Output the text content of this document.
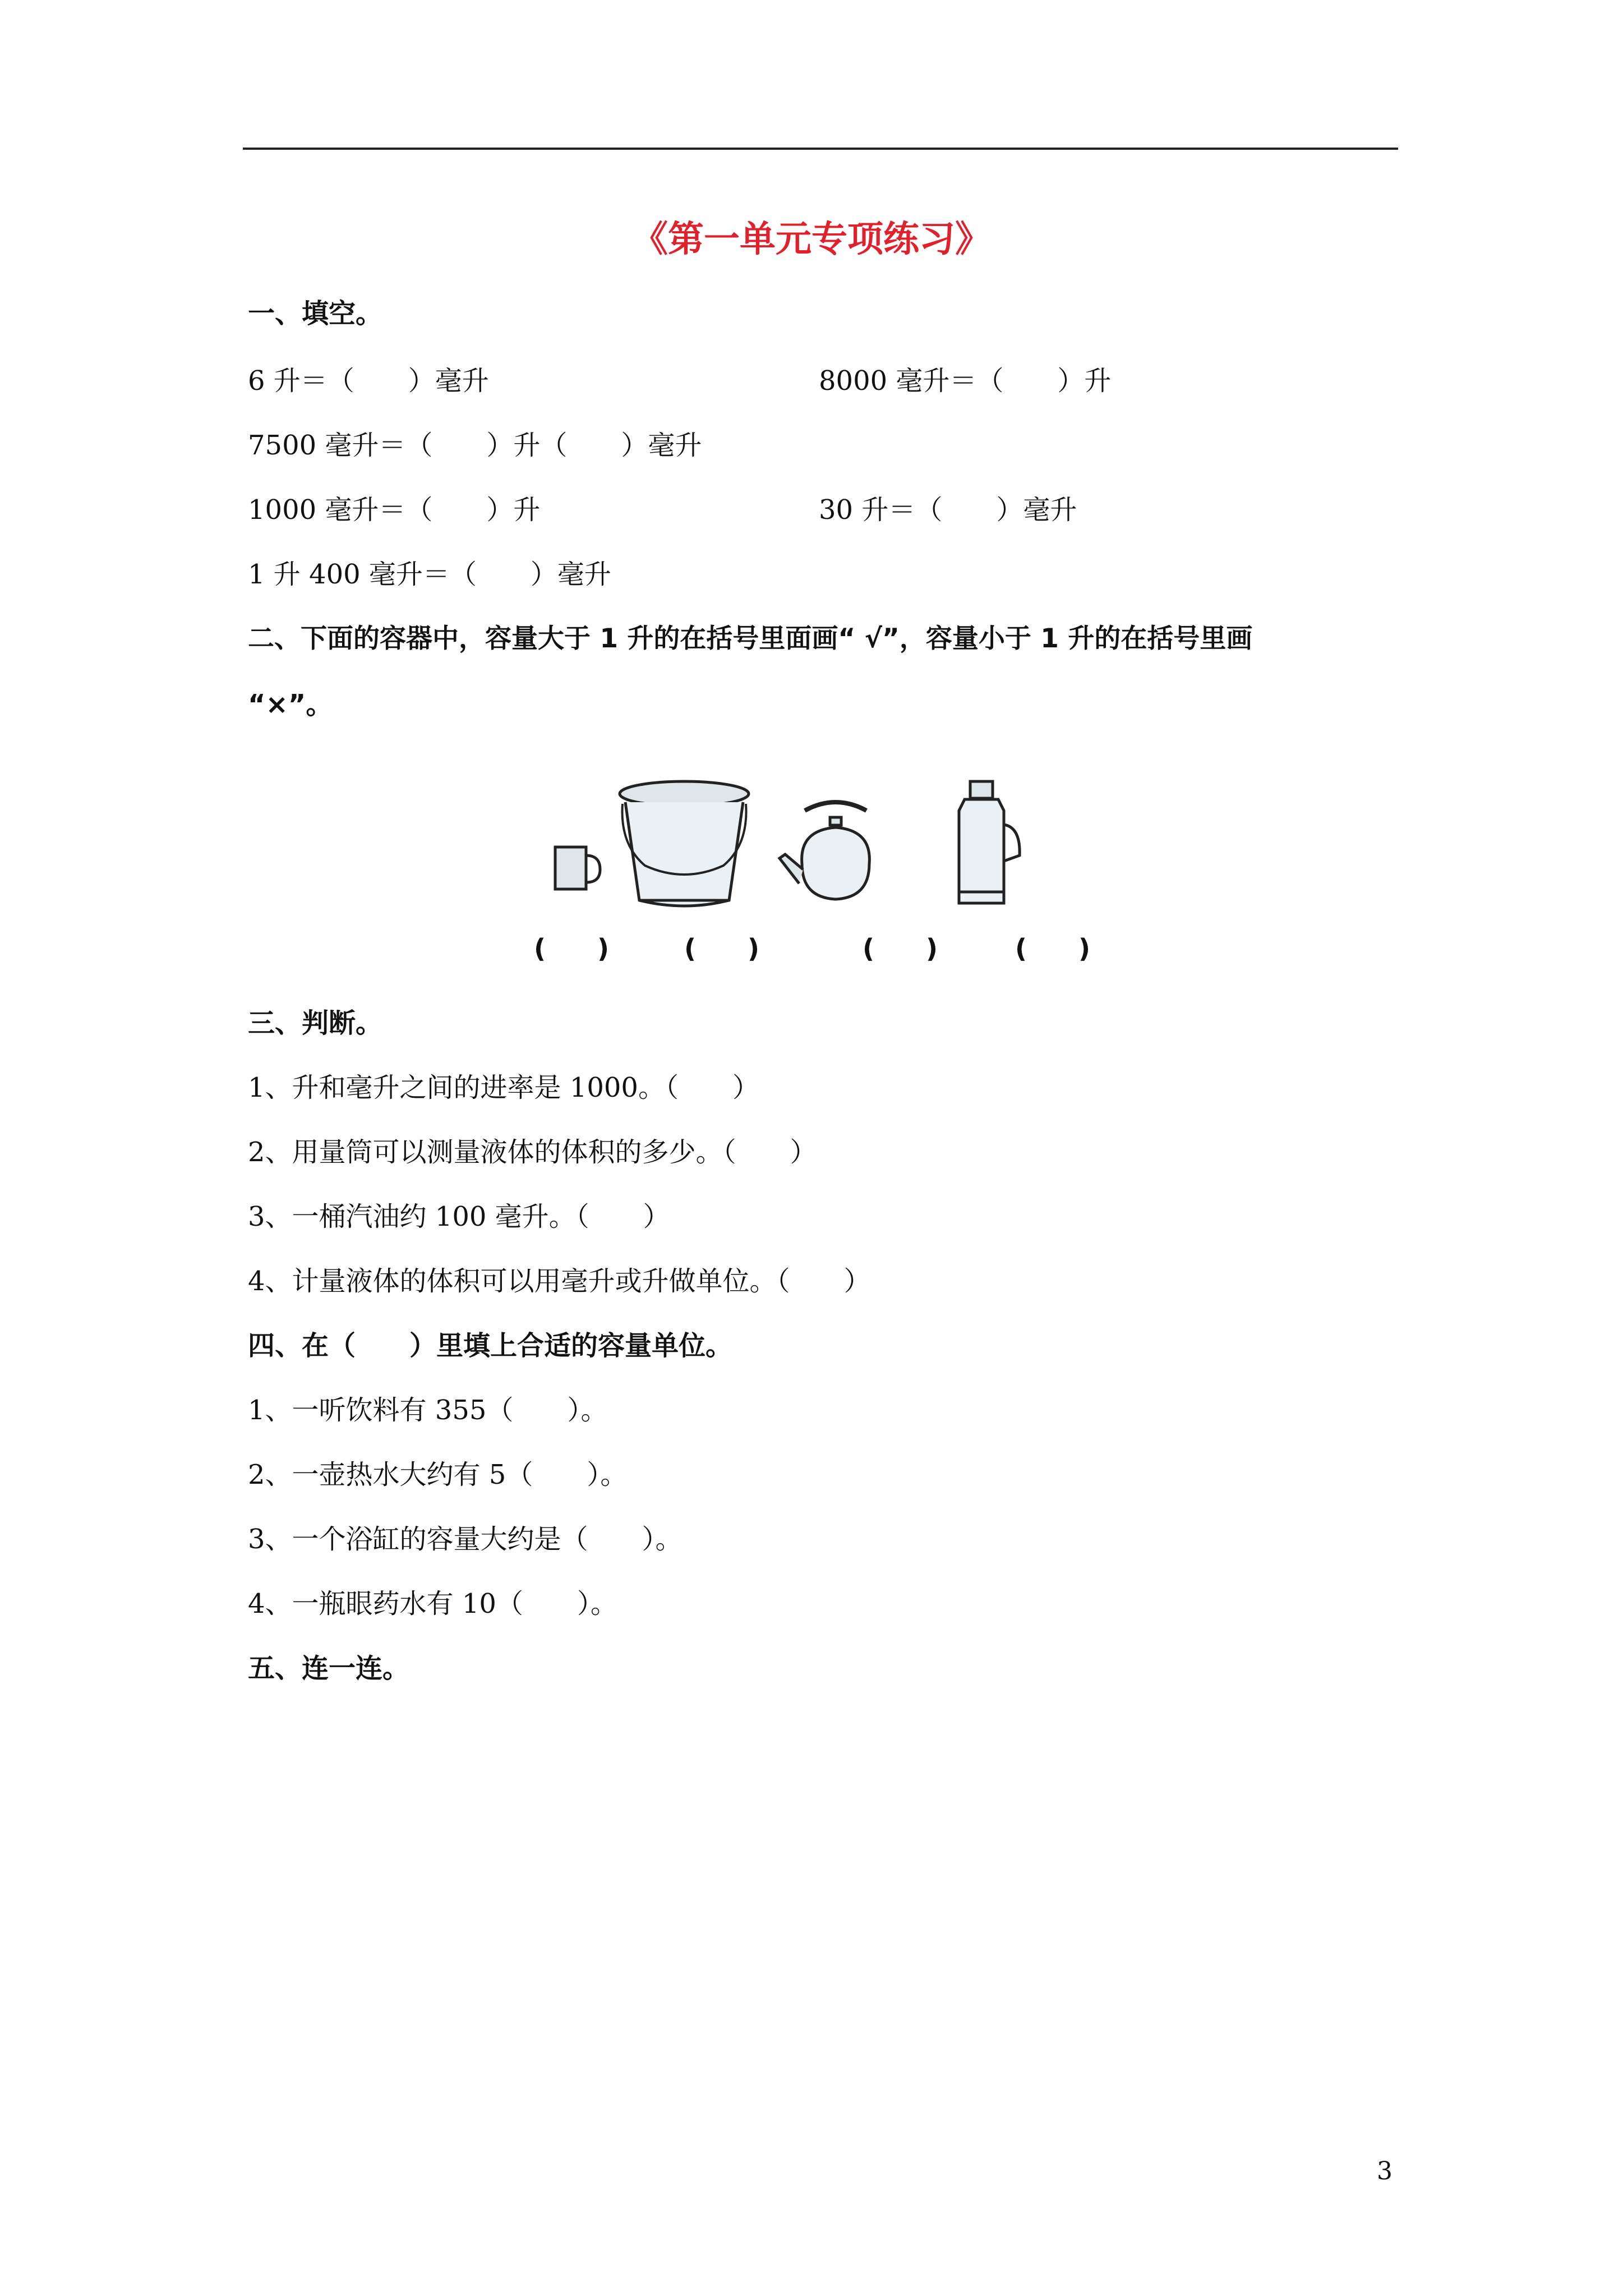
《第一单元专项练习》
一、填空。
6 升＝（　　）毫升	8000 毫升＝（　　）升
7500 毫升＝（　　）升（　　）毫升
1000 毫升＝（　　）升	30 升＝（　　）毫升
1 升 400 毫升＝（　　）毫升
二、下面的容器中，容量大于 1 升的在括号里面画“ √”，容量小于 1 升的在括号里画
“×”。
(　　)	(　　)	(　　)	(　　)
三、判断。
1、升和毫升之间的进率是 1000。（　　）
2、用量筒可以测量液体的体积的多少。（　　）
3、一桶汽油约 100 毫升。（　　）
4、计量液体的体积可以用毫升或升做单位。（　　）
四、在（　　）里填上合适的容量单位。
1、一听饮料有 355（　　）。
2、一壶热水大约有 5（　　）。
3、一个浴缸的容量大约是（　　）。
4、一瓶眼药水有 10（　　）。
五、连一连。
3
